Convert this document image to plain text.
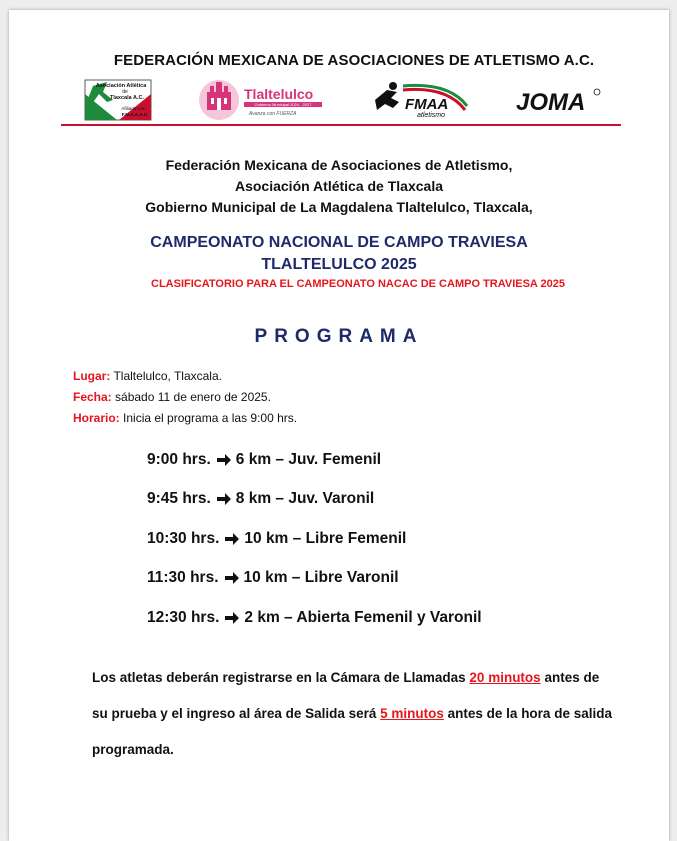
FEDERACIÓN MEXICANA DE ASOCIACIONES DE ATLETISMO A.C.
Asociación Atlética
de
Tlaxcala A.C.
Afiliada a la
F.M.A.A.A.C.
Tlaltelulco
Gobierno Municipal 2024 - 2027
Avanza con FUERZA
FMAA
atletismo	JOMA
Federación Mexicana de Asociaciones de Atletismo,
Asociación Atlética de Tlaxcala
Gobierno Municipal de La Magdalena Tlaltelulco, Tlaxcala,
CAMPEONATO NACIONAL DE CAMPO TRAVIESA
TLALTELULCO 2025
CLASIFICATORIO PARA EL CAMPEONATO NACAC DE CAMPO TRAVIESA 2025
PROGRAMA
Lugar: Tlaltelulco, Tlaxcala.
Fecha: sábado 11 de enero de 2025.
Horario: Inicia el programa a las 9:00 hrs.
9:00 hrs. 6 km – Juv. Femenil
9:45 hrs. 8 km – Juv. Varonil
10:30 hrs. 10 km – Libre Femenil
11:30 hrs. 10 km – Libre Varonil
12:30 hrs. 2 km – Abierta Femenil y Varonil
Los atletas deberán registrarse en la Cámara de Llamadas 20 minutos antes de su prueba y el ingreso al área de Salida será 5 minutos antes de la hora de salida programada.
